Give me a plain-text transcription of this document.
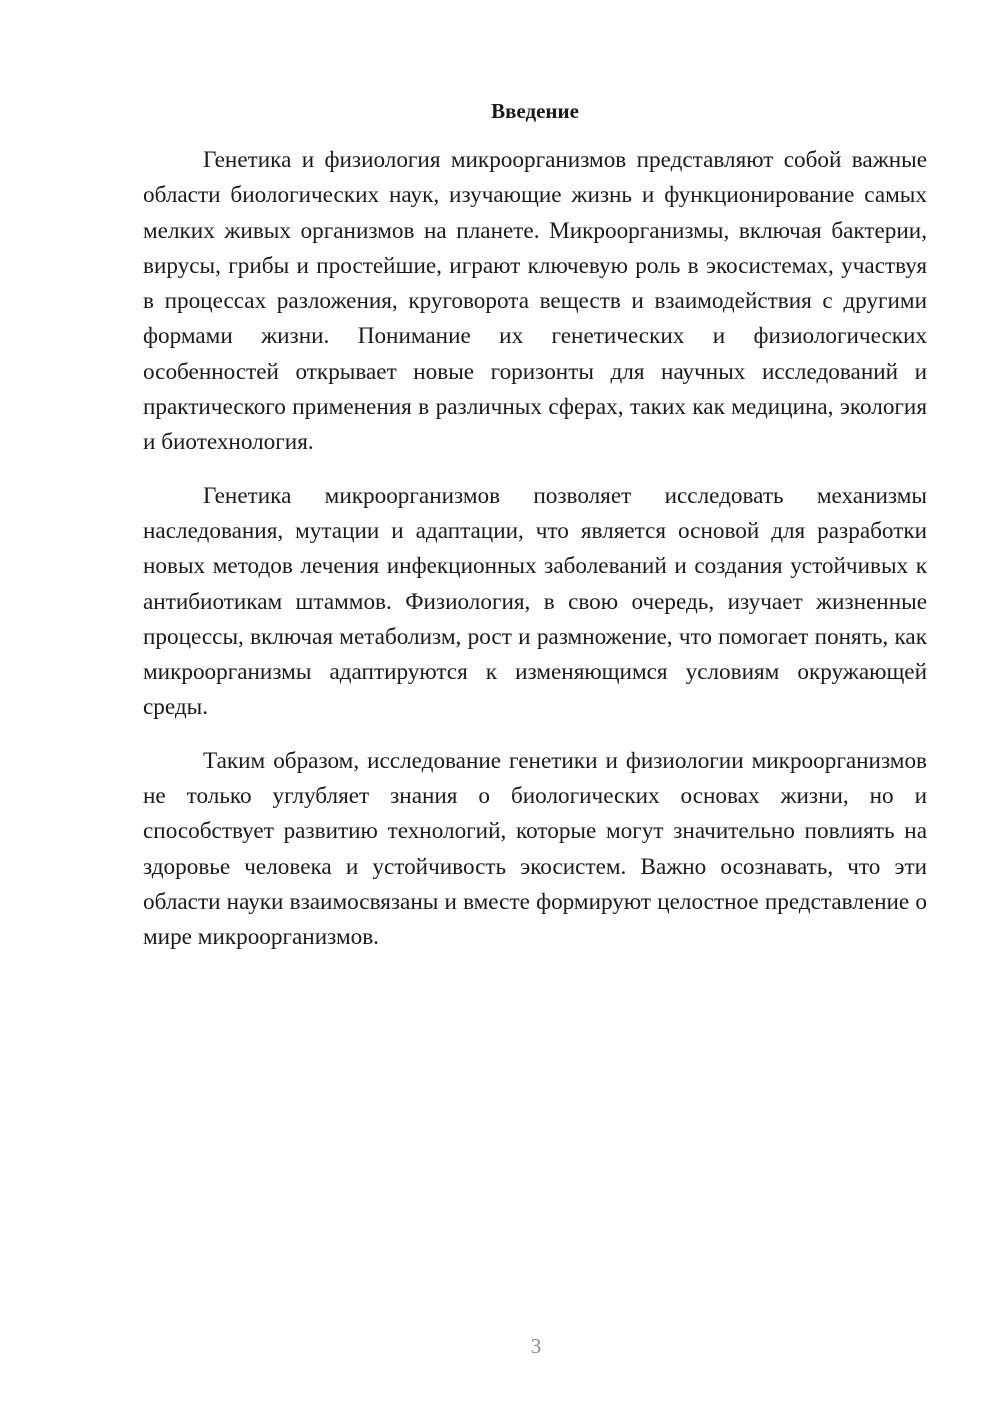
Введение

Генетика и физиология микроорганизмов представляют собой важные области биологических наук, изучающие жизнь и функционирование самых мелких живых организмов на планете. Микроорганизмы, включая бактерии, вирусы, грибы и простейшие, играют ключевую роль в экосистемах, участвуя в процессах разложения, круговорота веществ и взаимодействия с другими формами жизни. Понимание их генетических и физиологических особенностей открывает новые горизонты для научных исследований и практического применения в различных сферах, таких как медицина, экология и биотехнология.

Генетика микроорганизмов позволяет исследовать механизмы наследования, мутации и адаптации, что является основой для разработки новых методов лечения инфекционных заболеваний и создания устойчивых к антибиотикам штаммов. Физиология, в свою очередь, изучает жизненные процессы, включая метаболизм, рост и размножение, что помогает понять, как микроорганизмы адаптируются к изменяющимся условиям окружающей среды.

Таким образом, исследование генетики и физиологии микроорганизмов не только углубляет знания о биологических основах жизни, но и способствует развитию технологий, которые могут значительно повлиять на здоровье человека и устойчивость экосистем. Важно осознавать, что эти области науки взаимосвязаны и вместе формируют целостное представление о мире микроорганизмов.

3
